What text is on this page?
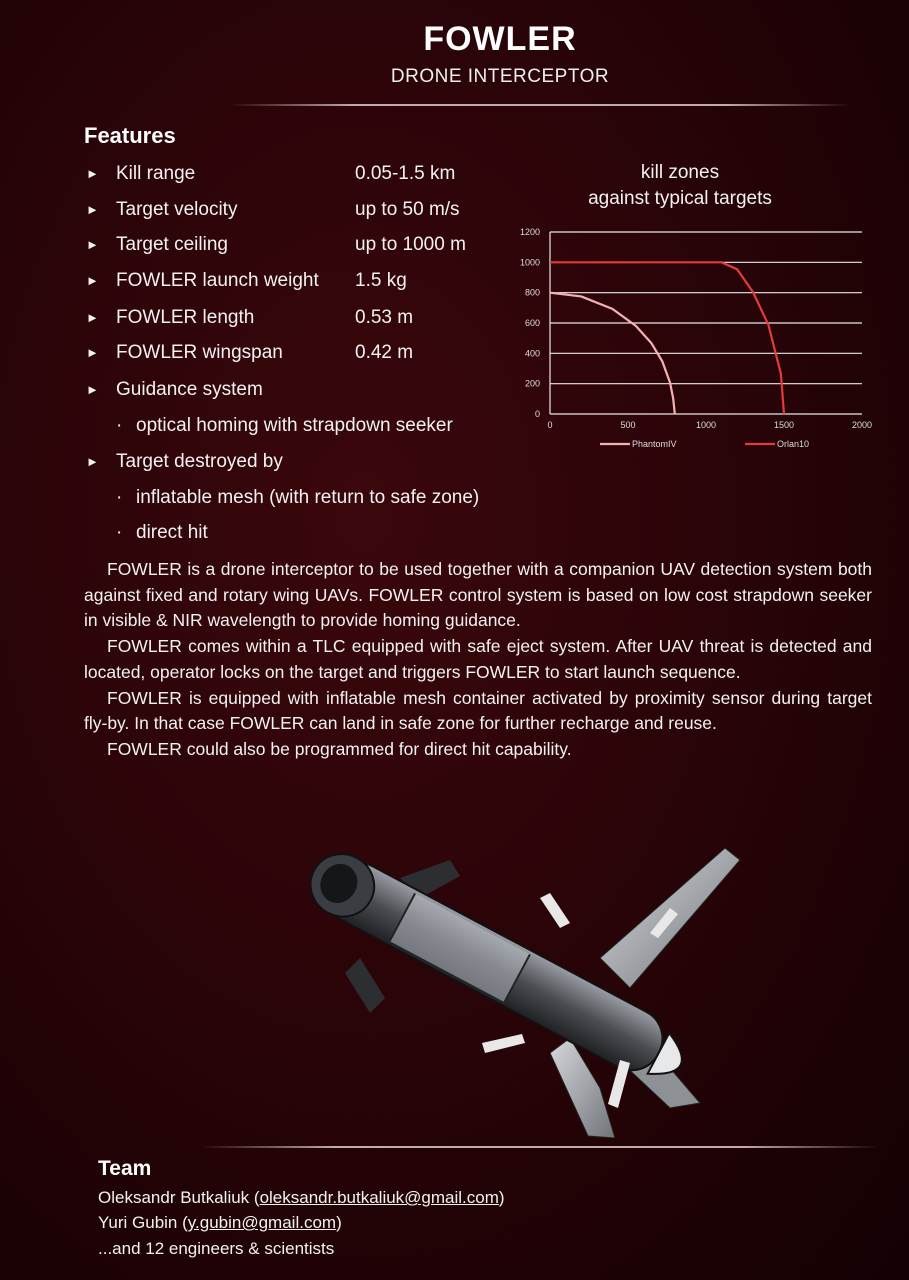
FOWLER
DRONE INTERCEPTOR
Features
► Kill range	0.05-1.5 km
► Target velocity	up to 50 m/s
► Target ceiling	up to 1000 m
► FOWLER launch weight 1.5 kg
► FOWLER length	0.53 m
► FOWLER wingspan	0.42 m
► Guidance system
· optical homing with strapdown seeker
► Target destroyed by
· inflatable mesh (with return to safe zone)
· direct hit
kill zones
against typical targets
0
200
400
600
800
1000
1200
0	500	1000	1500	2000
PhantomIV	Orlan10

FOWLER is a drone interceptor to be used together with a companion UAV detection system both against fixed and rotary wing UAVs. FOWLER control system is based on low cost strapdown seeker in visible & NIR wavelength to provide homing guidance.

FOWLER comes within a TLC equipped with safe eject system. After UAV threat is detected and located, operator locks on the target and triggers FOWLER to start launch sequence.

FOWLER is equipped with inflatable mesh container activated by proximity sensor during target fly-by. In that case FOWLER can land in safe zone for further recharge and reuse.

FOWLER could also be programmed for direct hit capability.

Team
Oleksandr Butkaliuk (oleksandr.butkaliuk@gmail.com)
Yuri Gubin (y.gubin@gmail.com)
...and 12 engineers & scientists
